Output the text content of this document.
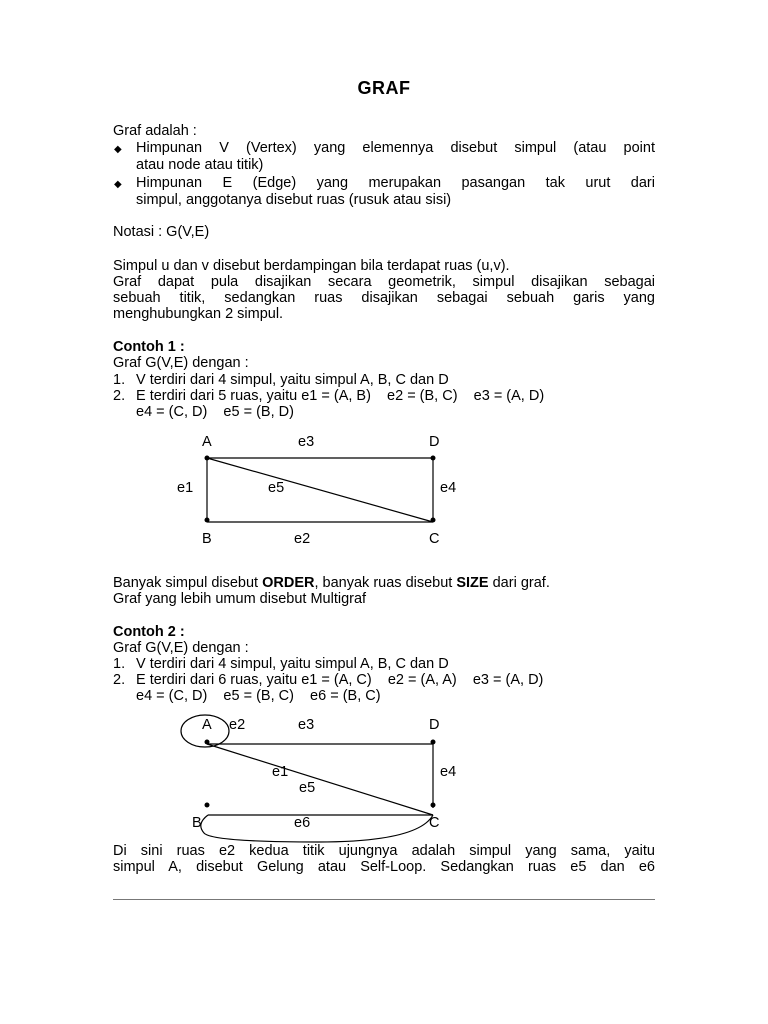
GRAF
Graf adalah :
◆ Himpunan V (Vertex) yang elemennya disebut simpul (atau point
atau node atau titik)
◆ Himpunan E (Edge) yang merupakan pasangan tak urut dari
simpul, anggotanya disebut ruas (rusuk atau sisi)
Notasi : G(V,E)
Simpul u dan v disebut berdampingan bila terdapat ruas (u,v).
Graf dapat pula disajikan secara geometrik, simpul disajikan sebagai
sebuah titik, sedangkan ruas disajikan sebagai sebuah garis yang
menghubungkan 2 simpul.
Contoh 1 :
Graf G(V,E) dengan :
1. V terdiri dari 4 simpul, yaitu simpul A, B, C dan D
2. E terdiri dari 5 ruas, yaitu e1 = (A, B)    e2 = (B, C)    e3 = (A, D)
e4 = (C, D)    e5 = (B, D)
A
B	C
D
e1
e2
e3
e4
e5
Banyak simpul disebut ORDER, banyak ruas disebut SIZE dari graf.
Graf yang lebih umum disebut Multigraf
Contoh 2 :
Graf G(V,E) dengan :
1. V terdiri dari 4 simpul, yaitu simpul A, B, C dan D
2. E terdiri dari 6 ruas, yaitu e1 = (A, C)    e2 = (A, A)    e3 = (A, D)
e4 = (C, D)    e5 = (B, C)    e6 = (B, C)
A
B	C
D
e1
e2	e3
e4
e5
e6
Di sini ruas e2 kedua titik ujungnya adalah simpul yang sama, yaitu
simpul A, disebut Gelung atau Self-Loop. Sedangkan ruas e5 dan e6
